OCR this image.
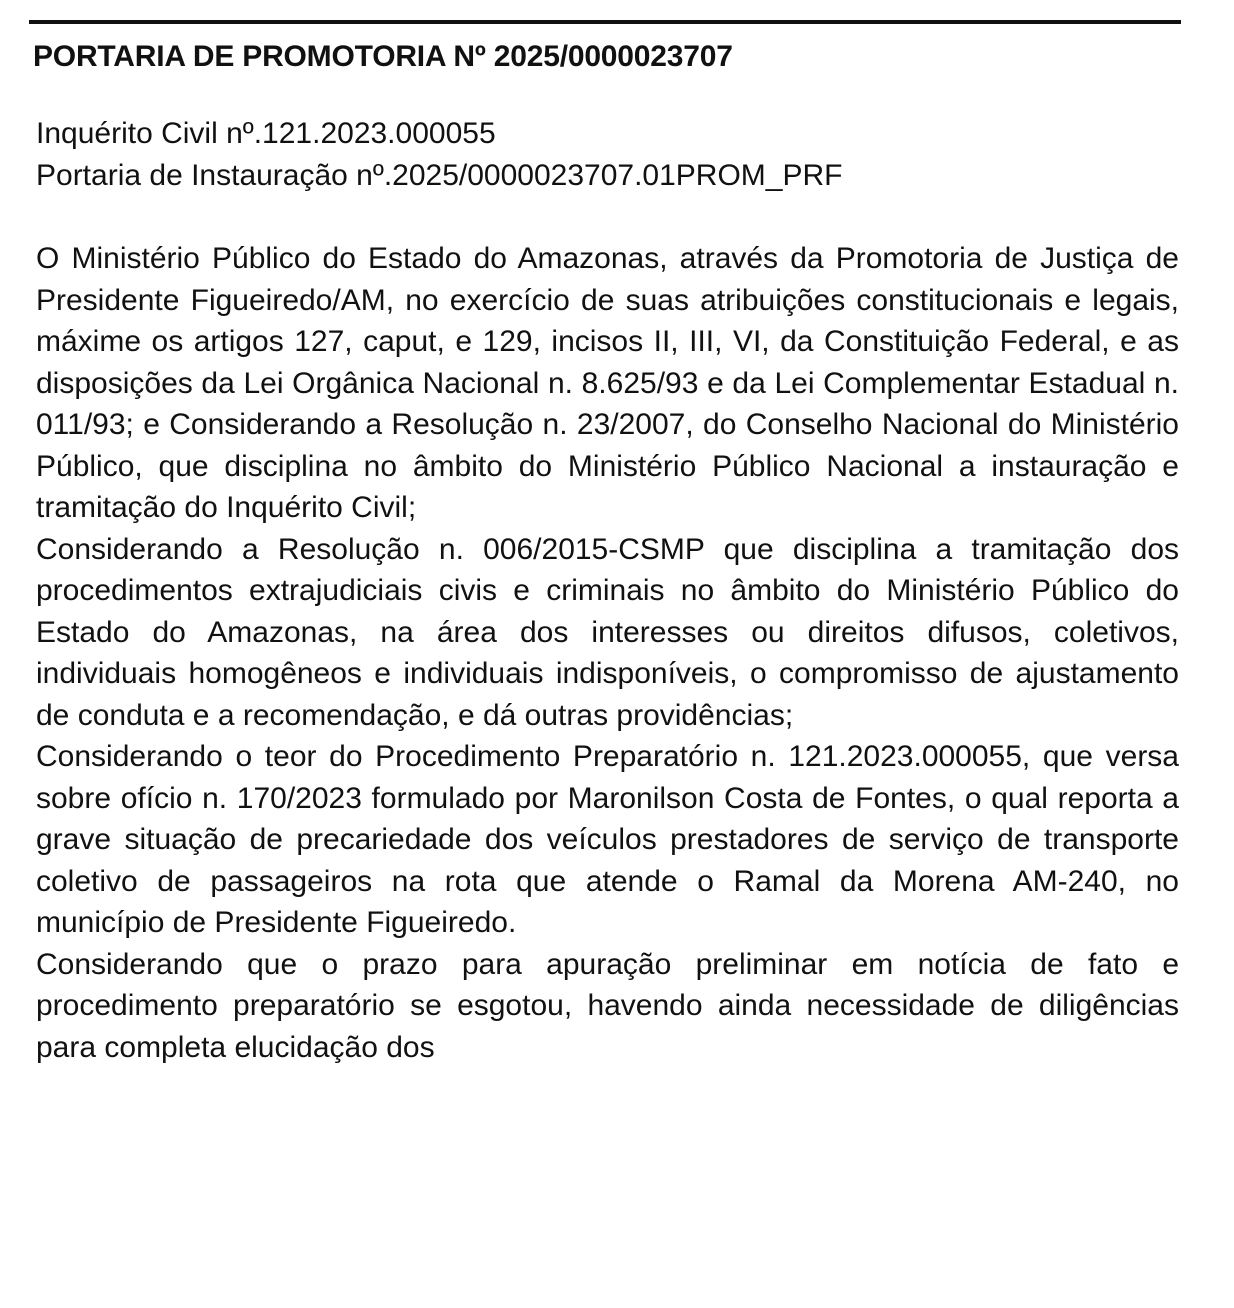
PORTARIA DE PROMOTORIA Nº 2025/0000023707
Inquérito Civil nº.121.2023.000055
Portaria de Instauração nº.2025/0000023707.01PROM_PRF

O Ministério Público do Estado do Amazonas, através da Promotoria de Justiça de Presidente Figueiredo/AM, no exercício de suas atribuições constitucionais e legais, máxime os artigos 127, caput, e 129, incisos II, III, VI, da Constituição Federal, e as disposições da Lei Orgânica Nacional n. 8.625/93 e da Lei Complementar Estadual n. 011/93; e Considerando a Resolução n. 23/2007, do Conselho Nacional do Ministério Público, que disciplina no âmbito do Ministério Público Nacional a instauração e tramitação do Inquérito Civil;

Considerando a Resolução n. 006/2015-CSMP que disciplina a tramitação dos procedimentos extrajudiciais civis e criminais no âmbito do Ministério Público do Estado do Amazonas, na área dos interesses ou direitos difusos, coletivos, individuais homogêneos e individuais indisponíveis, o compromisso de ajustamento de conduta e a recomendação, e dá outras providências;

Considerando o teor do Procedimento Preparatório n. 121.2023.000055, que versa sobre ofício n. 170/2023 formulado por Maronilson Costa de Fontes, o qual reporta a grave situação de precariedade dos veículos prestadores de serviço de transporte coletivo de passageiros na rota que atende o Ramal da Morena AM-240, no município de Presidente Figueiredo.

Considerando que o prazo para apuração preliminar em notícia de fato e procedimento preparatório se esgotou, havendo ainda necessidade de diligências para completa elucidação dos
